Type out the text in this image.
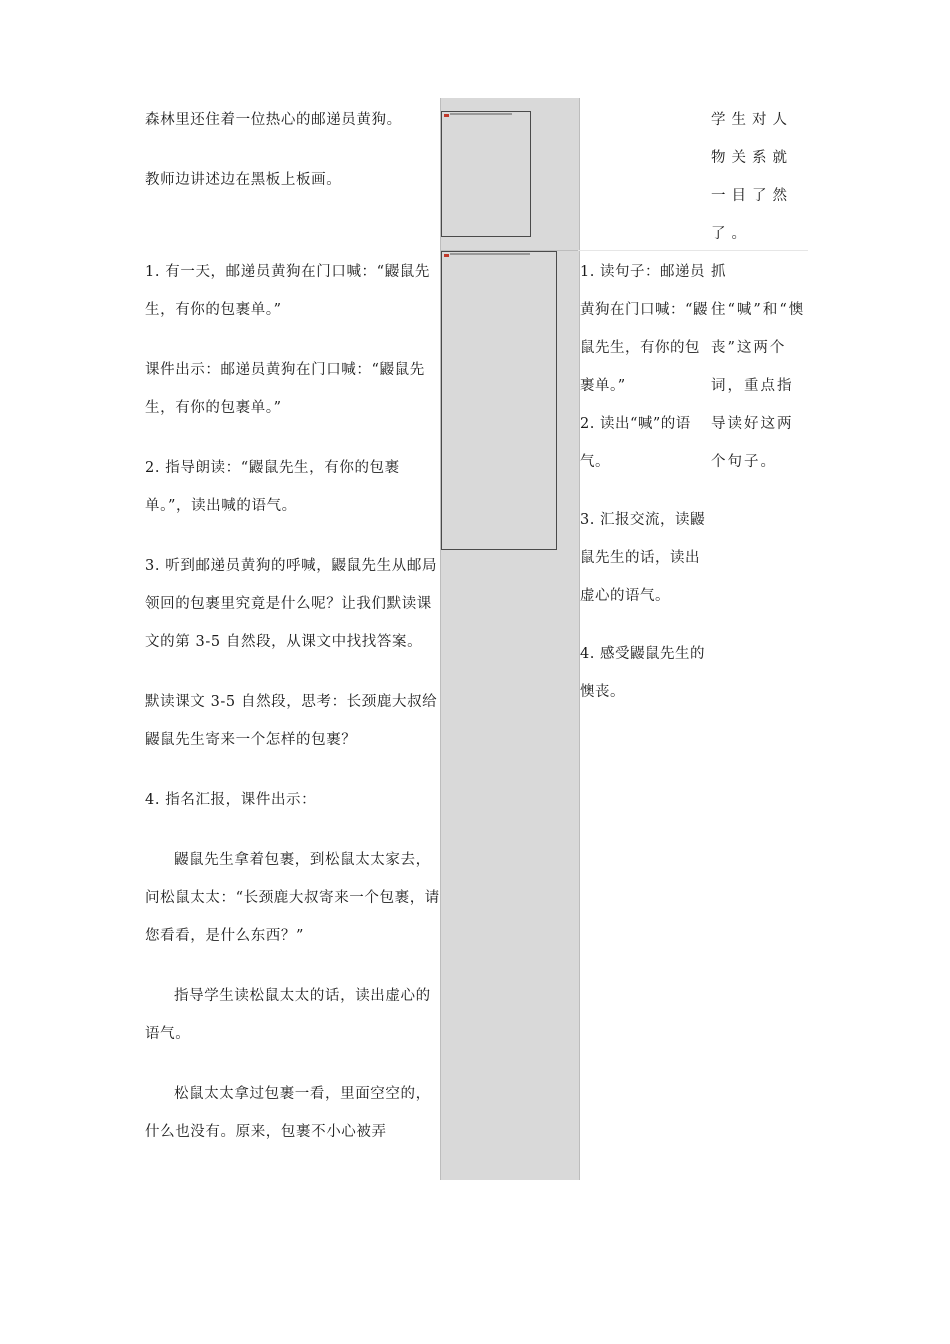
森林里还住着一位热心的邮递员黄狗。

教师边讲述边在黑板上板画。

1. 有一天，邮递员黄狗在门口喊：“鼹鼠先生，有你的包裹单。”

课件出示：邮递员黄狗在门口喊：“鼹鼠先生，有你的包裹单。”

2. 指导朗读：“鼹鼠先生，有你的包裹单。”，读出喊的语气。

3. 听到邮递员黄狗的呼喊，鼹鼠先生从邮局领回的包裹里究竟是什么呢？让我们默读课文的第 3-5 自然段，从课文中找找答案。

默读课文 3-5 自然段，思考：长颈鹿大叔给鼹鼠先生寄来一个怎样的包裹？

4. 指名汇报，课件出示：

鼹鼠先生拿着包裹，到松鼠太太家去，问松鼠太太：“长颈鹿大叔寄来一个包裹，请您看看，是什么东西？”

指导学生读松鼠太太的话，读出虚心的语气。

松鼠太太拿过包裹一看，里面空空的，什么也没有。原来，包裹不小心被弄

1. 读句子：邮递员黄狗在门口喊：“鼹鼠先生，有你的包裹单。”

2. 读出“喊”的语气。

3. 汇报交流，读鼹鼠先生的话，读出虚心的语气。

4. 感受鼹鼠先生的懊丧。

学生对人物关系就一目了然了。

抓住“喊”和“懊丧”这两个词，重点指导读好这两个句子。
